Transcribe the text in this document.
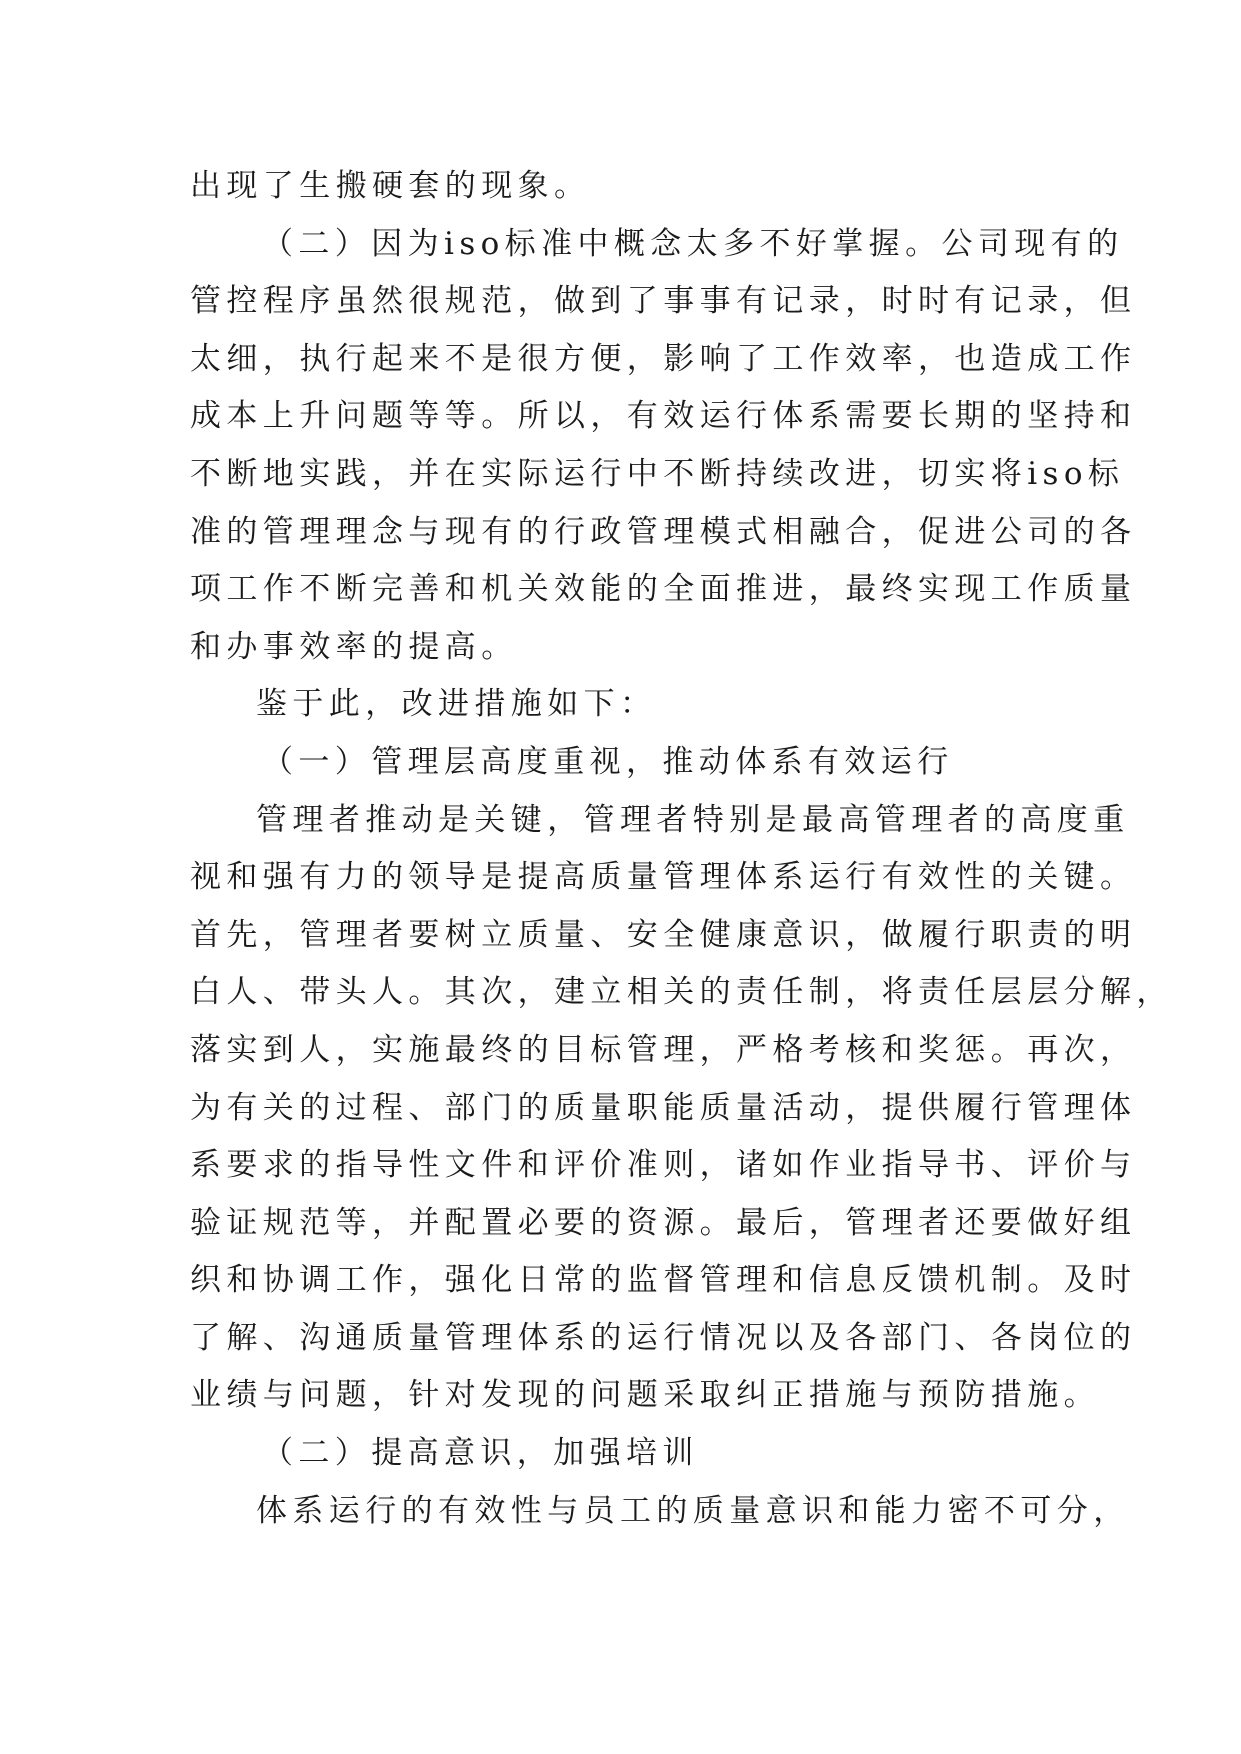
出现了生搬硬套的现象。
（二）因为iso标准中概念太多不好掌握。公司现有的
管控程序虽然很规范，做到了事事有记录，时时有记录，但
太细，执行起来不是很方便，影响了工作效率，也造成工作
成本上升问题等等。所以，有效运行体系需要长期的坚持和
不断地实践，并在实际运行中不断持续改进，切实将iso标
准的管理理念与现有的行政管理模式相融合，促进公司的各
项工作不断完善和机关效能的全面推进，最终实现工作质量
和办事效率的提高。
鉴于此，改进措施如下：
（一）管理层高度重视，推动体系有效运行
管理者推动是关键，管理者特别是最高管理者的高度重
视和强有力的领导是提高质量管理体系运行有效性的关键。
首先，管理者要树立质量、安全健康意识，做履行职责的明
白人、带头人。其次，建立相关的责任制，将责任层层分解，
落实到人，实施最终的目标管理，严格考核和奖惩。再次，
为有关的过程、部门的质量职能质量活动，提供履行管理体
系要求的指导性文件和评价准则，诸如作业指导书、评价与
验证规范等，并配置必要的资源。最后，管理者还要做好组
织和协调工作，强化日常的监督管理和信息反馈机制。及时
了解、沟通质量管理体系的运行情况以及各部门、各岗位的
业绩与问题，针对发现的问题采取纠正措施与预防措施。
（二）提高意识，加强培训
体系运行的有效性与员工的质量意识和能力密不可分，
